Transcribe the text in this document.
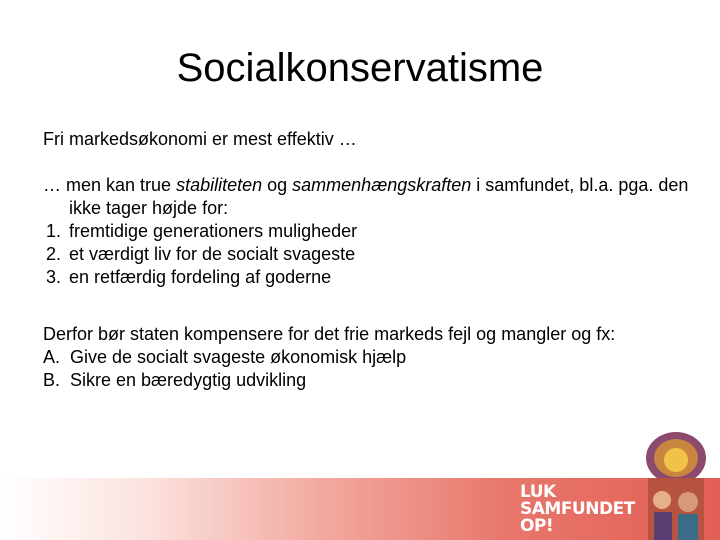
Socialkonservatisme

Fri markedsøkonomi er mest effektiv …

… men kan true stabiliteten og sammenhængskraften i samfundet, bl.a. pga. den ikke tager højde for:

1. fremtidige generationers muligheder
2. et værdigt liv for de socialt svageste
3. en retfærdig fordeling af goderne

Derfor bør staten kompensere for det frie markeds fejl og mangler og fx:

A. Give de socialt svageste økonomisk hjælp
B. Sikre en bæredygtig udvikling
LUK
SAMFUNDET
OP!
